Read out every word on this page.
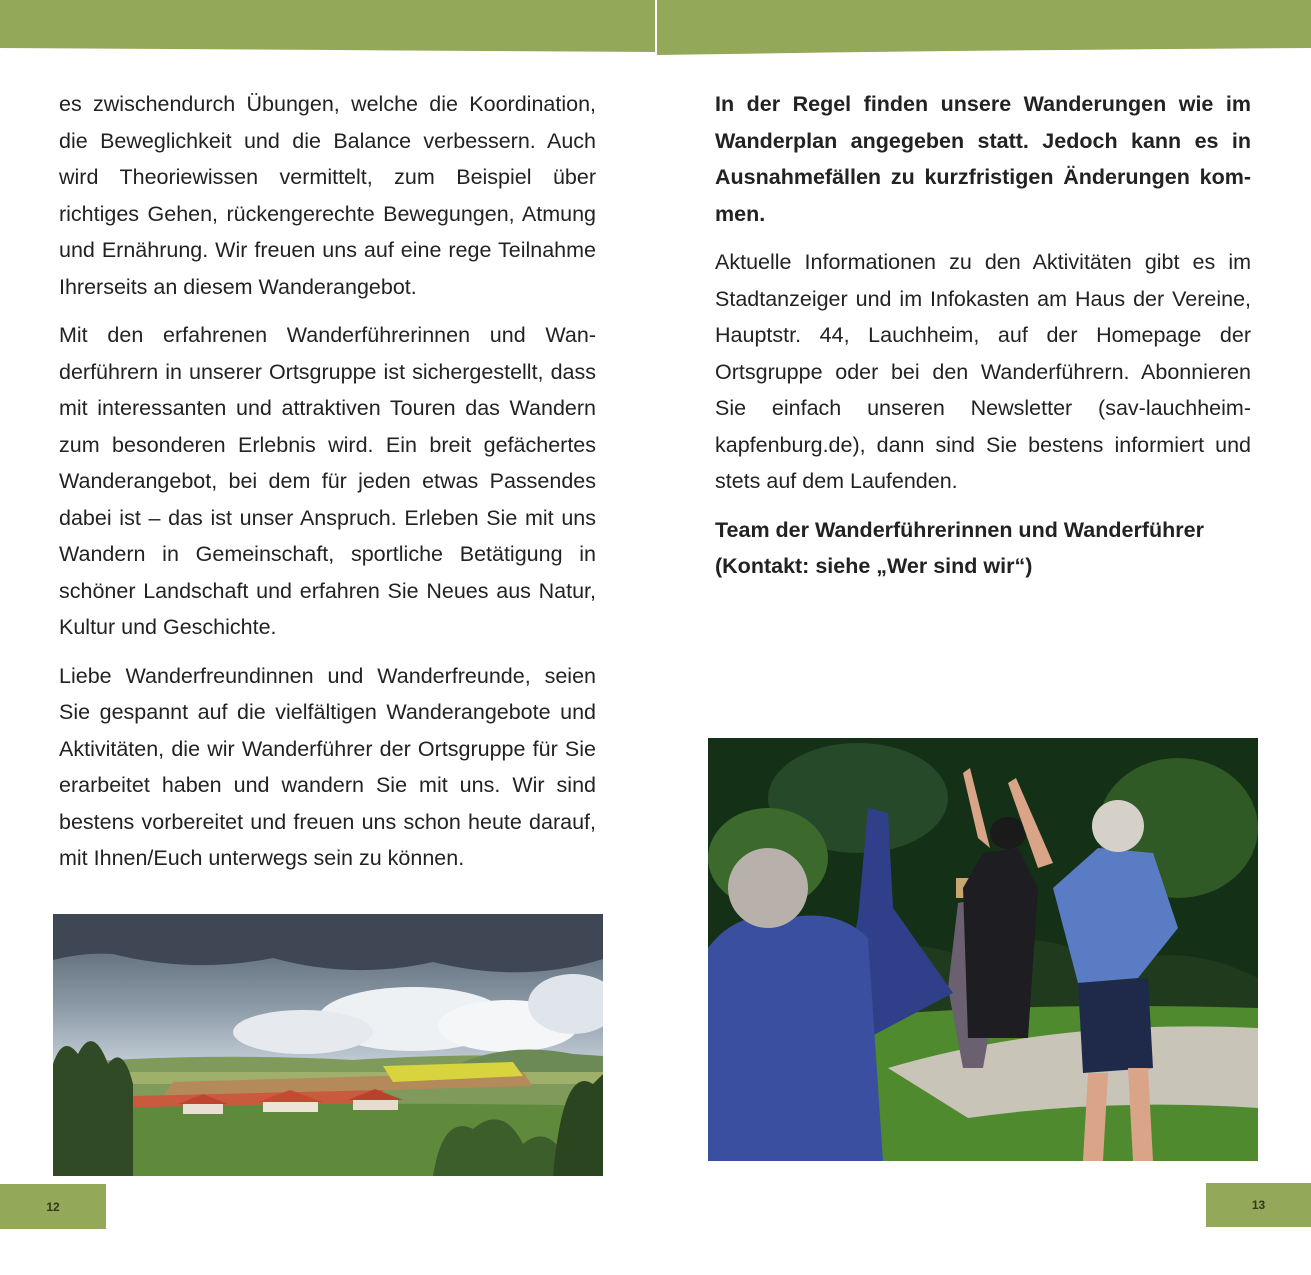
es zwischendurch Übungen, welche die Koordination, die Beweglichkeit und die Balance verbessern. Auch wird Theoriewissen vermittelt, zum Beispiel über richtiges Gehen, rückengerechte Bewegungen, Atmung und Ernährung. Wir freuen uns auf eine rege Teilnahme Ihrerseits an diesem Wanderangebot.

Mit den erfahrenen Wanderführerinnen und Wanderführern in unserer Ortsgruppe ist sichergestellt, dass mit interessanten und attraktiven Touren das Wandern zum besonderen Erlebnis wird. Ein breit gefächertes Wanderangebot, bei dem für jeden etwas Passendes dabei ist – das ist unser Anspruch. Erleben Sie mit uns Wandern in Gemeinschaft, sportliche Betätigung in schöner Landschaft und erfahren Sie Neues aus Natur, Kultur und Geschichte.

Liebe Wanderfreundinnen und Wanderfreunde, seien Sie gespannt auf die vielfältigen Wanderangebote und Aktivitäten, die wir Wanderführer der Ortsgruppe für Sie erarbeitet haben und wandern Sie mit uns. Wir sind bestens vorbereitet und freuen uns schon heute darauf, mit Ihnen/Euch unterwegs sein zu können.

In der Regel finden unsere Wanderungen wie im Wanderplan angegeben statt. Jedoch kann es in Ausnahmefällen zu kurzfristigen Änderungen kommen.

Aktuelle Informationen zu den Aktivitäten gibt es im Stadtanzeiger und im Infokasten am Haus der Vereine, Hauptstr. 44, Lauchheim, auf der Homepage der Ortsgruppe oder bei den Wanderführern. Abonnieren Sie einfach unseren Newsletter (sav-lauchheim-kapfenburg.de), dann sind Sie bestens informiert und stets auf dem Laufenden.

Team der Wanderführerinnen und Wanderführer

(Kontakt: siehe „Wer sind wir“)

12	13
